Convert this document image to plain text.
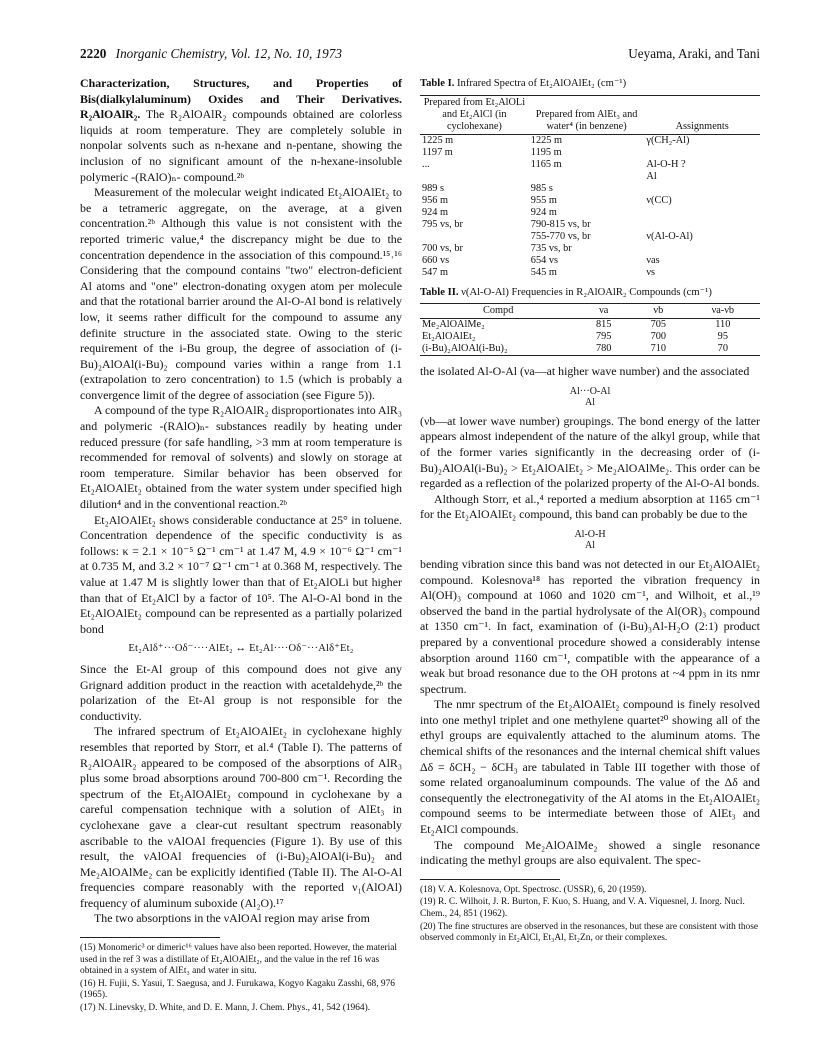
2220 Inorganic Chemistry, Vol. 12, No. 10, 1973	Ueyama, Araki, and Tani

Characterization, Structures, and Properties of Bis(dialkylaluminum) Oxides and Their Derivatives. R₂AlOAlR₂. The R₂AlOAlR₂ compounds obtained are colorless liquids at room temperature. They are completely soluble in nonpolar solvents such as n-hexane and n-pentane, showing the inclusion of no significant amount of the n-hexane-insoluble polymeric -(RAlO)ₙ- compound.²ᵇ

Measurement of the molecular weight indicated Et₂AlOAlEt₂ to be a tetrameric aggregate, on the average, at a given concentration.²ᵇ Although this value is not consistent with the reported trimeric value,⁴ the discrepancy might be due to the concentration dependence in the association of this compound.¹⁵˒¹⁶ Considering that the compound contains "two" electron-deficient Al atoms and "one" electron-donating oxygen atom per molecule and that the rotational barrier around the Al-O-Al bond is relatively low, it seems rather difficult for the compound to assume any definite structure in the associated state. Owing to the steric requirement of the i-Bu group, the degree of association of (i-Bu)₂AlOAl(i-Bu)₂ compound varies within a range from 1.1 (extrapolation to zero concentration) to 1.5 (which is probably a convergence limit of the degree of association (see Figure 5)).

A compound of the type R₂AlOAlR₂ disproportionates into AlR₃ and polymeric -(RAlO)ₙ- substances readily by heating under reduced pressure (for safe handling, >3 mm at room temperature is recommended for removal of solvents) and slowly on storage at room temperature. Similar behavior has been observed for Et₂AlOAlEt₂ obtained from the water system under specified high dilution⁴ and in the conventional reaction.²ᵇ

Et₂AlOAlEt₂ shows considerable conductance at 25° in toluene. Concentration dependence of the specific conductivity is as follows: κ = 2.1 × 10⁻⁵ Ω⁻¹ cm⁻¹ at 1.47 M, 4.9 × 10⁻⁶ Ω⁻¹ cm⁻¹ at 0.735 M, and 3.2 × 10⁻⁷ Ω⁻¹ cm⁻¹ at 0.368 M, respectively. The value at 1.47 M is slightly lower than that of Et₂AlOLi but higher than that of Et₂AlCl by a factor of 10⁵. The Al-O-Al bond in the Et₂AlOAlEt₂ compound can be represented as a partially polarized bond

Et₂Alδ⁺···Oδ⁻····AlEt₂ ↔ Et₂Al····Oδ⁻···Alδ⁺Et₂

Since the Et-Al group of this compound does not give any Grignard addition product in the reaction with acetaldehyde,²ᵇ the polarization of the Et-Al group is not responsible for the conductivity.

The infrared spectrum of Et₂AlOAlEt₂ in cyclohexane highly resembles that reported by Storr, et al.⁴ (Table I). The patterns of R₂AlOAlR₂ appeared to be composed of the absorptions of AlR₃ plus some broad absorptions around 700-800 cm⁻¹. Recording the spectrum of the Et₂AlOAlEt₂ compound in cyclohexane by a careful compensation technique with a solution of AlEt₃ in cyclohexane gave a clear-cut resultant spectrum reasonably ascribable to the νAlOAl frequencies (Figure 1). By use of this result, the νAlOAl frequencies of (i-Bu)₂AlOAl(i-Bu)₂ and Me₂AlOAlMe₂ can be explicitly identified (Table II). The Al-O-Al frequencies compare reasonably with the reported ν₁(AlOAl) frequency of aluminum suboxide (Al₂O).¹⁷

The two absorptions in the νAlOAl region may arise from

(15) Monomeric³ or dimeric¹⁶ values have also been reported. However, the material used in the ref 3 was a distillate of Et₂AlOAlEt₂, and the value in the ref 16 was obtained in a system of AlEt₃ and water in situ.

(16) H. Fujii, S. Yasui, T. Saegusa, and J. Furukawa, Kogyo Kagaku Zasshi, 68, 976 (1965).

(17) N. Linevsky, D. White, and D. E. Mann, J. Chem. Phys., 41, 542 (1964).

Table I. Infrared Spectra of Et₂AlOAlEt₂ (cm⁻¹)
Prepared from Et₂AlOLi and Et₂AlCl (in cyclohexane)	Prepared from AlEt₃ and water⁴ (in benzene)	Assignments
1225 m	1225 m	γ(CH₂-Al)
1197 m	1195 m	
...	1165 m	Al-O-H ?
		Al
989 s	985 s	
956 m	955 m	ν(CC)
924 m	924 m	
795 vs, br	790-815 vs, br	
	755-770 vs, br	ν(Al-O-Al)
700 vs, br	735 vs, br	
660 vs	654 vs	νas
547 m	545 m	νs
Table II. ν(Al-O-Al) Frequencies in R₂AlOAlR₂ Compounds (cm⁻¹)
Compd	νa	νb	νa-νb
Me₂AlOAlMe₂	815	705	110
Et₂AlOAlEt₂	795	700	95
(i-Bu)₂AlOAl(i-Bu)₂	780	710	70

the isolated Al-O-Al (νa—at higher wave number) and the associated

Al···O-Al
Al

(νb—at lower wave number) groupings. The bond energy of the latter appears almost independent of the nature of the alkyl group, while that of the former varies significantly in the decreasing order of (i-Bu)₂AlOAl(i-Bu)₂ > Et₂AlOAlEt₂ > Me₂AlOAlMe₂. This order can be regarded as a reflection of the polarized property of the Al-O-Al bonds.

Although Storr, et al.,⁴ reported a medium absorption at 1165 cm⁻¹ for the Et₂AlOAlEt₂ compound, this band can probably be due to the

Al-O-H
Al

bending vibration since this band was not detected in our Et₂AlOAlEt₂ compound. Kolesnova¹⁸ has reported the vibration frequency in Al(OH)₃ compound at 1060 and 1020 cm⁻¹, and Wilhoit, et al.,¹⁹ observed the band in the partial hydrolysate of the Al(OR)₃ compound at 1350 cm⁻¹. In fact, examination of (i-Bu)₃Al-H₂O (2:1) product prepared by a conventional procedure showed a considerably intense absorption around 1160 cm⁻¹, compatible with the appearance of a weak but broad resonance due to the OH protons at ~4 ppm in its nmr spectrum.

The nmr spectrum of the Et₂AlOAlEt₂ compound is finely resolved into one methyl triplet and one methylene quartet²⁰ showing all of the ethyl groups are equivalently attached to the aluminum atoms. The chemical shifts of the resonances and the internal chemical shift values Δδ = δCH₂ − δCH₃ are tabulated in Table III together with those of some related organoaluminum compounds. The value of the Δδ and consequently the electronegativity of the Al atoms in the Et₂AlOAlEt₂ compound seems to be intermediate between those of AlEt₃ and Et₂AlCl compounds.

The compound Me₂AlOAlMe₂ showed a single resonance indicating the methyl groups are also equivalent. The spec-

(18) V. A. Kolesnova, Opt. Spectrosc. (USSR), 6, 20 (1959).

(19) R. C. Wilhoit, J. R. Burton, F. Kuo, S. Huang, and V. A. Viquesnel, J. Inorg. Nucl. Chem., 24, 851 (1962).

(20) The fine structures are observed in the resonances, but these are consistent with those observed commonly in Et₂AlCl, Et₃Al, Et₂Zn, or their complexes.
